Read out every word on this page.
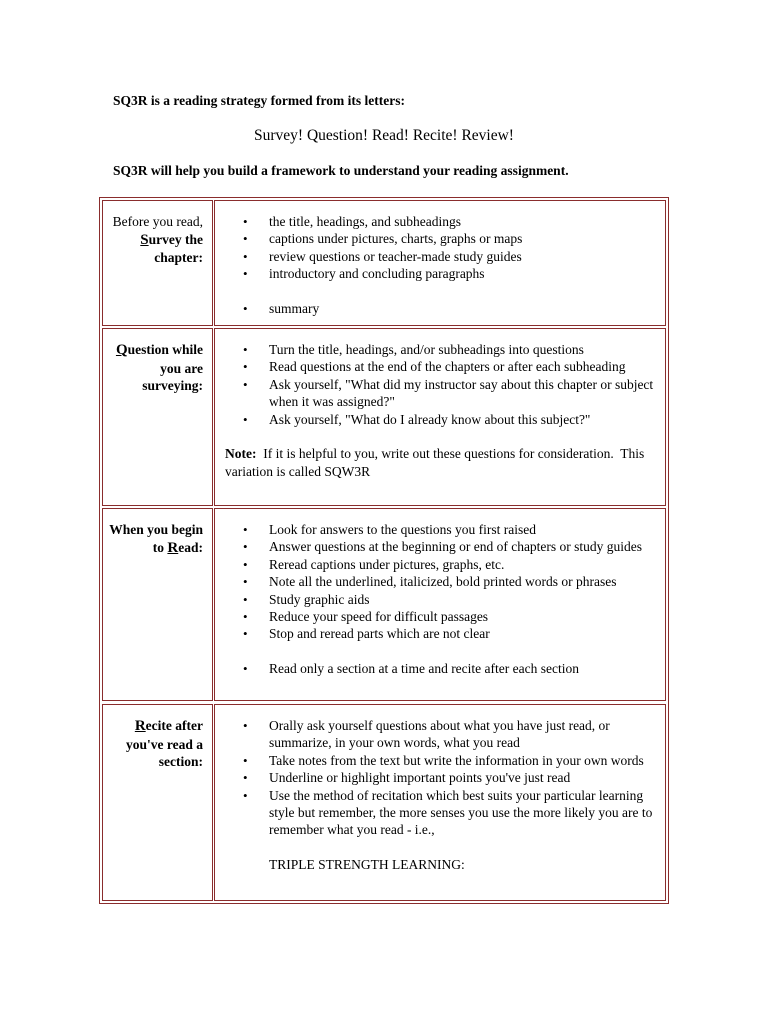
SQ3R is a reading strategy formed from its letters:

Survey! Question! Read! Recite! Review!

SQ3R will help you build a framework to understand your reading assignment.

Before you read, Survey the chapter:
• the title, headings, and subheadings
• captions under pictures, charts, graphs or maps
• review questions or teacher-made study guides
• introductory and concluding paragraphs
• summary
Question while you are surveying:
• Turn the title, headings, and/or subheadings into questions
• Read questions at the end of the chapters or after each subheading
• Ask yourself, "What did my instructor say about this chapter or subject when it was assigned?"
• Ask yourself, "What do I already know about this subject?"
Note:  If it is helpful to you, write out these questions for consideration.  This variation is called SQW3R
When you begin to Read:
• Look for answers to the questions you first raised
• Answer questions at the beginning or end of chapters or study guides
• Reread captions under pictures, graphs, etc.
• Note all the underlined, italicized, bold printed words or phrases
• Study graphic aids
• Reduce your speed for difficult passages
• Stop and reread parts which are not clear
• Read only a section at a time and recite after each section
Recite after you've read a section:
• Orally ask yourself questions about what you have just read, or summarize, in your own words, what you read
• Take notes from the text but write the information in your own words
• Underline or highlight important points you've just read
• Use the method of recitation which best suits your particular learning style but remember, the more senses you use the more likely you are to remember what you read - i.e.,
TRIPLE STRENGTH LEARNING:
